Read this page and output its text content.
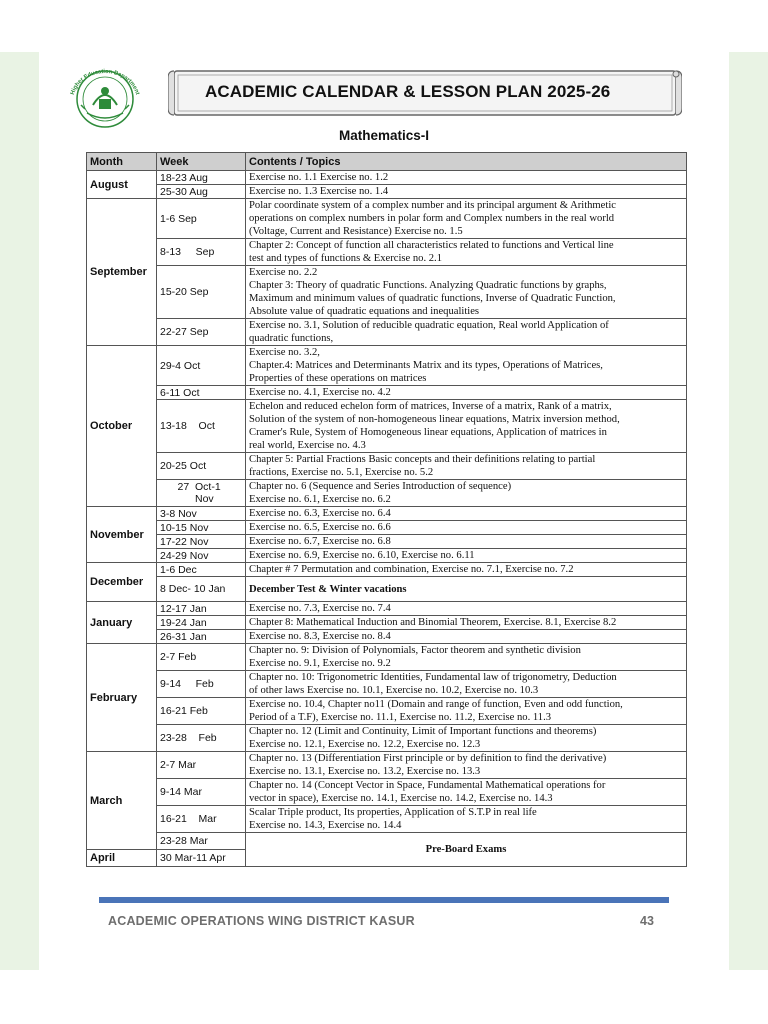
Higher Education Department	ACADEMIC CALENDAR & LESSON PLAN 2025-26
Mathematics-I
Month	Week	Contents / Topics
August	18-23 Aug	Exercise no. 1.1 Exercise no. 1.2
	25-30 Aug	Exercise no. 1.3 Exercise no. 1.4
September	1-6 Sep	Polar coordinate system of a complex number and its principal argument & Arithmetic
operations on complex numbers in polar form and Complex numbers in the real world
(Voltage, Current and Resistance) Exercise no. 1.5
	8-13     Sep	Chapter 2: Concept of function all characteristics related to functions and Vertical line
test and types of functions & Exercise no. 2.1
	15-20 Sep	Exercise no. 2.2
Chapter 3: Theory of quadratic Functions. Analyzing Quadratic functions by graphs,
Maximum and minimum values of quadratic functions, Inverse of Quadratic Function,
Absolute value of quadratic equations and inequalities
	22-27 Sep	Exercise no. 3.1, Solution of reducible quadratic equation, Real world Application of
quadratic functions,
October	29-4 Oct	Exercise no. 3.2,
Chapter.4: Matrices and Determinants Matrix and its types, Operations of Matrices,
Properties of these operations on matrices
	6-11 Oct	Exercise no. 4.1, Exercise no. 4.2
	13-18    Oct	Echelon and reduced echelon form of matrices, Inverse of a matrix, Rank of a matrix,
Solution of the system of non-homogeneous linear equations, Matrix inversion method,
Cramer's Rule, System of Homogeneous linear equations, Application of matrices in
real world, Exercise no. 4.3
	20-25 Oct	Chapter 5: Partial Fractions Basic concepts and their definitions relating to partial
fractions, Exercise no. 5.1, Exercise no. 5.2
	27  Oct-1
Nov	Chapter no. 6 (Sequence and Series Introduction of sequence)
Exercise no. 6.1, Exercise no. 6.2
November	3-8 Nov	Exercise no. 6.3, Exercise no. 6.4
	10-15 Nov	Exercise no. 6.5, Exercise no. 6.6
	17-22 Nov	Exercise no. 6.7, Exercise no. 6.8
	24-29 Nov	Exercise no. 6.9, Exercise no. 6.10, Exercise no. 6.11
December	1-6 Dec	Chapter # 7 Permutation and combination, Exercise no. 7.1, Exercise no. 7.2
	8 Dec- 10 Jan	December Test & Winter vacations
January	12-17 Jan	Exercise no. 7.3, Exercise no. 7.4
	19-24 Jan	Chapter 8: Mathematical Induction and Binomial Theorem, Exercise. 8.1, Exercise 8.2
	26-31 Jan	Exercise no. 8.3, Exercise no. 8.4
February	2-7 Feb	Chapter no. 9: Division of Polynomials, Factor theorem and synthetic division
Exercise no. 9.1, Exercise no. 9.2
	9-14     Feb	Chapter no. 10: Trigonometric Identities, Fundamental law of trigonometry, Deduction
of other laws Exercise no. 10.1, Exercise no. 10.2, Exercise no. 10.3
	16-21 Feb	Exercise no. 10.4, Chapter no11 (Domain and range of function, Even and odd function,
Period of a T.F), Exercise no. 11.1, Exercise no. 11.2, Exercise no. 11.3
	23-28    Feb	Chapter no. 12 (Limit and Continuity, Limit of Important functions and theorems)
Exercise no. 12.1, Exercise no. 12.2, Exercise no. 12.3
March	2-7 Mar	Chapter no. 13 (Differentiation First principle or by definition to find the derivative)
Exercise no. 13.1, Exercise no. 13.2, Exercise no. 13.3
	9-14 Mar	Chapter no. 14 (Concept Vector in Space, Fundamental Mathematical operations for
vector in space), Exercise no. 14.1, Exercise no. 14.2, Exercise no. 14.3
	16-21    Mar	Scalar Triple product, Its properties, Application of S.T.P in real life
Exercise no. 14.3, Exercise no. 14.4
	23-28 Mar	Pre-Board Exams
April	30 Mar-11 Apr	
ACADEMIC OPERATIONS WING DISTRICT KASUR	43
